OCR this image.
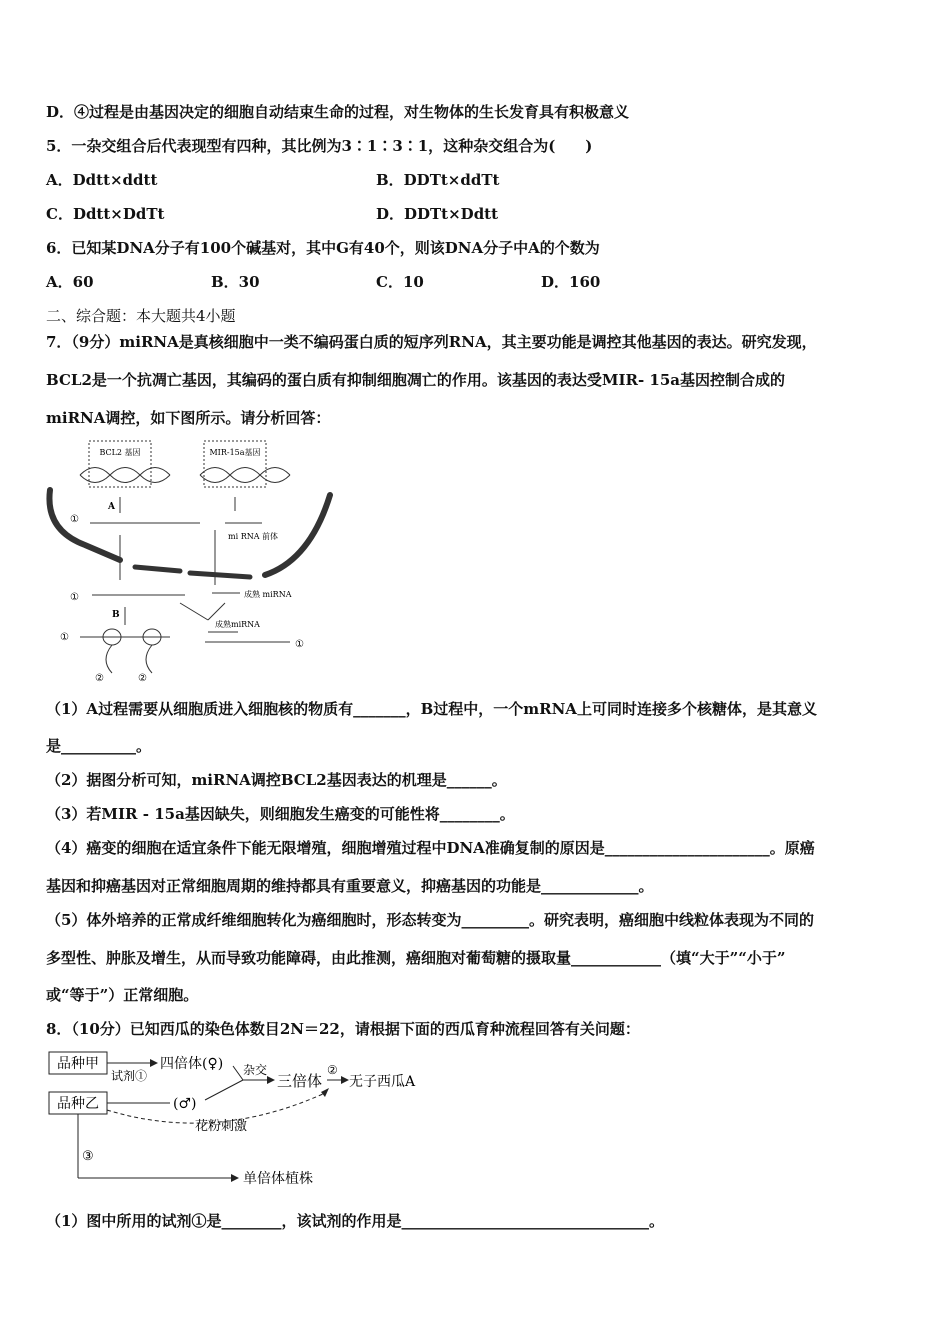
D．④过程是由基因决定的细胞自动结束生命的过程，对生物体的生长发育具有积极意义
5．一杂交组合后代表现型有四种，其比例为3∶1∶3∶1，这种杂交组合为(　　)
A．Ddtt×ddtt	B．DDTt×ddTt
C．Ddtt×DdTt	D．DDTt×Ddtt
6．已知某DNA分子有100个碱基对，其中G有40个，则该DNA分子中A的个数为
A．60	B．30	C．10	D．160
二、综合题：本大题共4小题
7．（9分）miRNA是真核细胞中一类不编码蛋白质的短序列RNA，其主要功能是调控其他基因的表达。研究发现，
BCL2是一个抗凋亡基因，其编码的蛋白质有抑制细胞凋亡的作用。该基因的表达受MIR- 15a基因控制合成的
miRNA调控，如下图所示。请分析回答：
BCL2 基因	MIR-15a基因
A
①
mi RNA 前体
①	成熟 miRNA
B
成熟miRNA
①
②	②
①
（1）A过程需要从细胞质进入细胞核的物质有_______，B过程中，一个mRNA上可同时连接多个核糖体，是其意义
是__________。
（2）据图分析可知，miRNA调控BCL2基因表达的机理是______。
（3）若MIR - 15a基因缺失，则细胞发生癌变的可能性将________。
（4）癌变的细胞在适宜条件下能无限增殖，细胞增殖过程中DNA准确复制的原因是______________________。原癌
基因和抑癌基因对正常细胞周期的维持都具有重要意义，抑癌基因的功能是_____________。
（5）体外培养的正常成纤维细胞转化为癌细胞时，形态转变为_________。研究表明，癌细胞中线粒体表现为不同的
多型性、肿胀及增生，从而导致功能障碍，由此推测，癌细胞对葡萄糖的摄取量____________（填“大于”“小于”
或“等于”）正常细胞。
8．（10分）已知西瓜的染色体数目2N＝22，请根据下面的西瓜育种流程回答有关问题：
品种甲
品种乙
试剂①
四倍体(♀)
(♂)
杂交
三倍体
②
无子西瓜A
花粉刺激
③
单倍体植株
（1）图中所用的试剂①是________，该试剂的作用是_________________________________。
